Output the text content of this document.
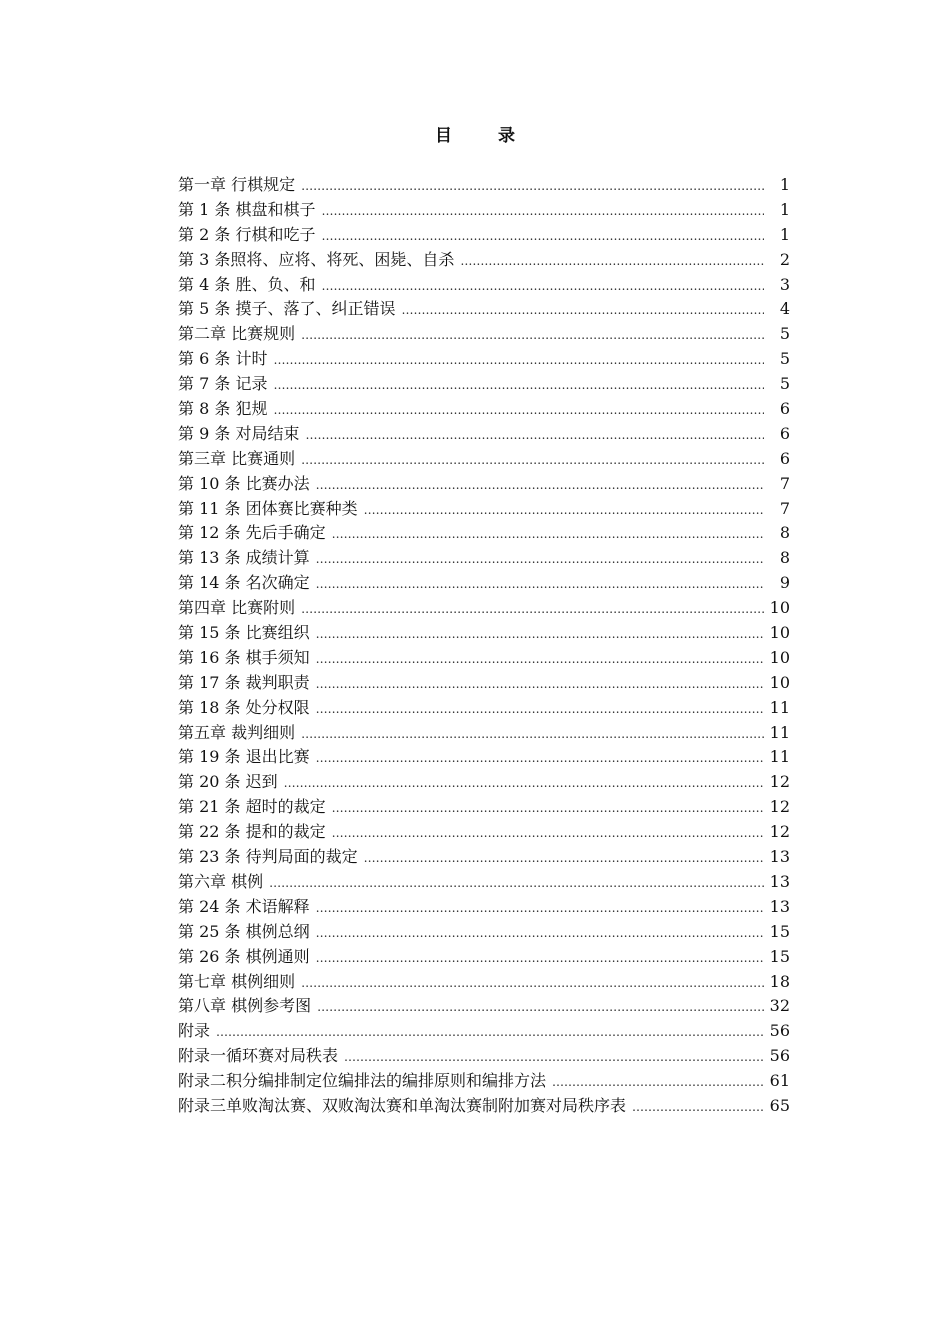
目 录
第一章 行棋规定 ……………………………………………………………………………………………………………………………………………………………………………………	1
第 1 条 棋盘和棋子 ……………………………………………………………………………………………………………………………………………………………………………………	1
第 2 条 行棋和吃子 ……………………………………………………………………………………………………………………………………………………………………………………	1
第 3 条照将、应将、将死、困毙、自杀 ……………………………………………………………………………………………………………………………………………………………………………………	2
第 4 条 胜、负、和 ……………………………………………………………………………………………………………………………………………………………………………………	3
第 5 条 摸子、落了、纠正错误 ……………………………………………………………………………………………………………………………………………………………………………………	4
第二章 比赛规则 ……………………………………………………………………………………………………………………………………………………………………………………	5
第 6 条 计时 ……………………………………………………………………………………………………………………………………………………………………………………	5
第 7 条 记录 ……………………………………………………………………………………………………………………………………………………………………………………	5
第 8 条 犯规 ……………………………………………………………………………………………………………………………………………………………………………………	6
第 9 条 对局结束 ……………………………………………………………………………………………………………………………………………………………………………………	6
第三章 比赛通则 ……………………………………………………………………………………………………………………………………………………………………………………	6
第 10 条 比赛办法 ……………………………………………………………………………………………………………………………………………………………………………………	7
第 11 条 团体赛比赛种类 ……………………………………………………………………………………………………………………………………………………………………………………	7
第 12 条 先后手确定 ……………………………………………………………………………………………………………………………………………………………………………………	8
第 13 条 成绩计算 ……………………………………………………………………………………………………………………………………………………………………………………	8
第 14 条 名次确定 ……………………………………………………………………………………………………………………………………………………………………………………	9
第四章 比赛附则 ……………………………………………………………………………………………………………………………………………………………………………………	10
第 15 条 比赛组织 ……………………………………………………………………………………………………………………………………………………………………………………	10
第 16 条 棋手须知 ……………………………………………………………………………………………………………………………………………………………………………………	10
第 17 条 裁判职责 ……………………………………………………………………………………………………………………………………………………………………………………	10
第 18 条 处分权限 ……………………………………………………………………………………………………………………………………………………………………………………	11
第五章 裁判细则 ……………………………………………………………………………………………………………………………………………………………………………………	11
第 19 条 退出比赛 ……………………………………………………………………………………………………………………………………………………………………………………	11
第 20 条 迟到 ……………………………………………………………………………………………………………………………………………………………………………………	12
第 21 条 超时的裁定 ……………………………………………………………………………………………………………………………………………………………………………………	12
第 22 条 提和的裁定 ……………………………………………………………………………………………………………………………………………………………………………………	12
第 23 条 待判局面的裁定 ……………………………………………………………………………………………………………………………………………………………………………………	13
第六章 棋例 ……………………………………………………………………………………………………………………………………………………………………………………	13
第 24 条 术语解释 ……………………………………………………………………………………………………………………………………………………………………………………	13
第 25 条 棋例总纲 ……………………………………………………………………………………………………………………………………………………………………………………	15
第 26 条 棋例通则 ……………………………………………………………………………………………………………………………………………………………………………………	15
第七章 棋例细则 ……………………………………………………………………………………………………………………………………………………………………………………	18
第八章 棋例参考图 ……………………………………………………………………………………………………………………………………………………………………………………	32
附录 ……………………………………………………………………………………………………………………………………………………………………………………	56
附录一循环赛对局秩表 ……………………………………………………………………………………………………………………………………………………………………………………	56
附录二积分编排制定位编排法的编排原则和编排方法 ……………………………………………………………………………………………………………………………………………………………………………………	61
附录三单败淘汰赛、双败淘汰赛和单淘汰赛制附加赛对局秩序表 ……………………………………………………………………………………………………………………………………………………………………………………	65
